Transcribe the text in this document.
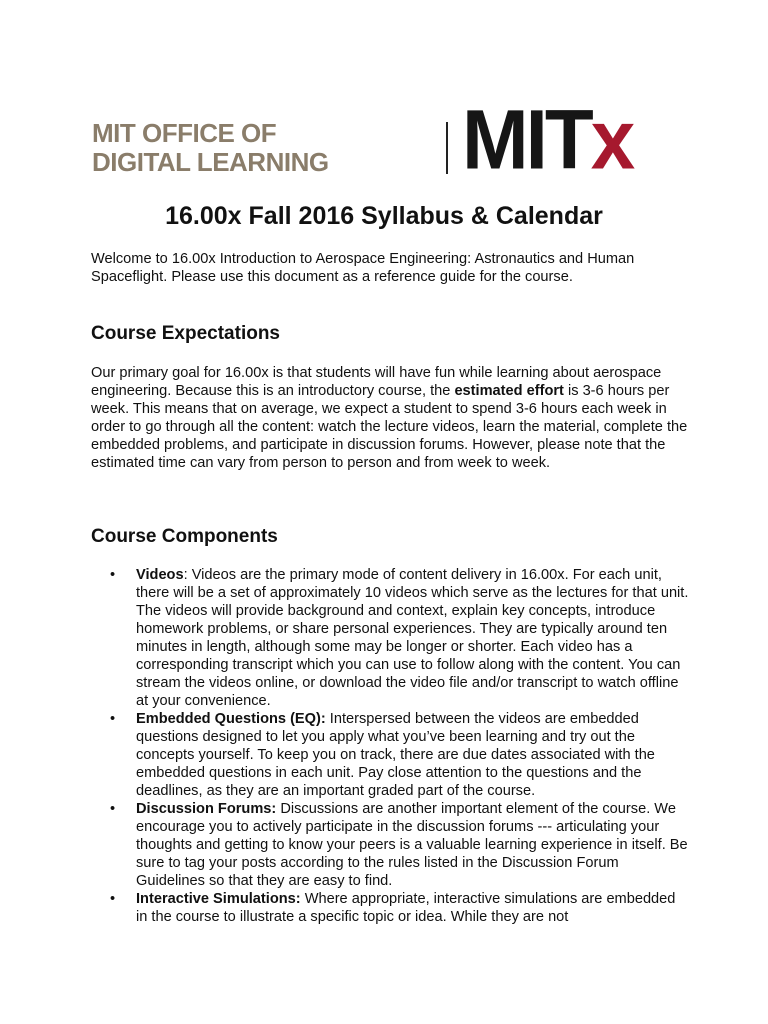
MIT OFFICE OF
DIGITAL LEARNING MITx
16.00x Fall 2016 Syllabus & Calendar

Welcome to 16.00x Introduction to Aerospace Engineering: Astronautics and Human Spaceflight. Please use this document as a reference guide for the course.

Course Expectations

Our primary goal for 16.00x is that students will have fun while learning about aerospace engineering. Because this is an introductory course, the estimated effort is 3-6 hours per week. This means that on average, we expect a student to spend 3-6 hours each week in order to go through all the content: watch the lecture videos, learn the material, complete the embedded problems, and participate in discussion forums. However, please note that the estimated time can vary from person to person and from week to week.

Course Components
• Videos: Videos are the primary mode of content delivery in 16.00x. For each unit, there will be a set of approximately 10 videos which serve as the lectures for that unit. The videos will provide background and context, explain key concepts, introduce homework problems, or share personal experiences. They are typically around ten minutes in length, although some may be longer or shorter. Each video has a corresponding transcript which you can use to follow along with the content. You can stream the videos online, or download the video file and/or transcript to watch offline at your convenience.
• Embedded Questions (EQ): Interspersed between the videos are embedded questions designed to let you apply what you’ve been learning and try out the concepts yourself. To keep you on track, there are due dates associated with the embedded questions in each unit. Pay close attention to the questions and the deadlines, as they are an important graded part of the course.
• Discussion Forums: Discussions are another important element of the course. We encourage you to actively participate in the discussion forums --- articulating your thoughts and getting to know your peers is a valuable learning experience in itself. Be sure to tag your posts according to the rules listed in the Discussion Forum Guidelines so that they are easy to find.
• Interactive Simulations: Where appropriate, interactive simulations are embedded in the course to illustrate a specific topic or idea. While they are not
